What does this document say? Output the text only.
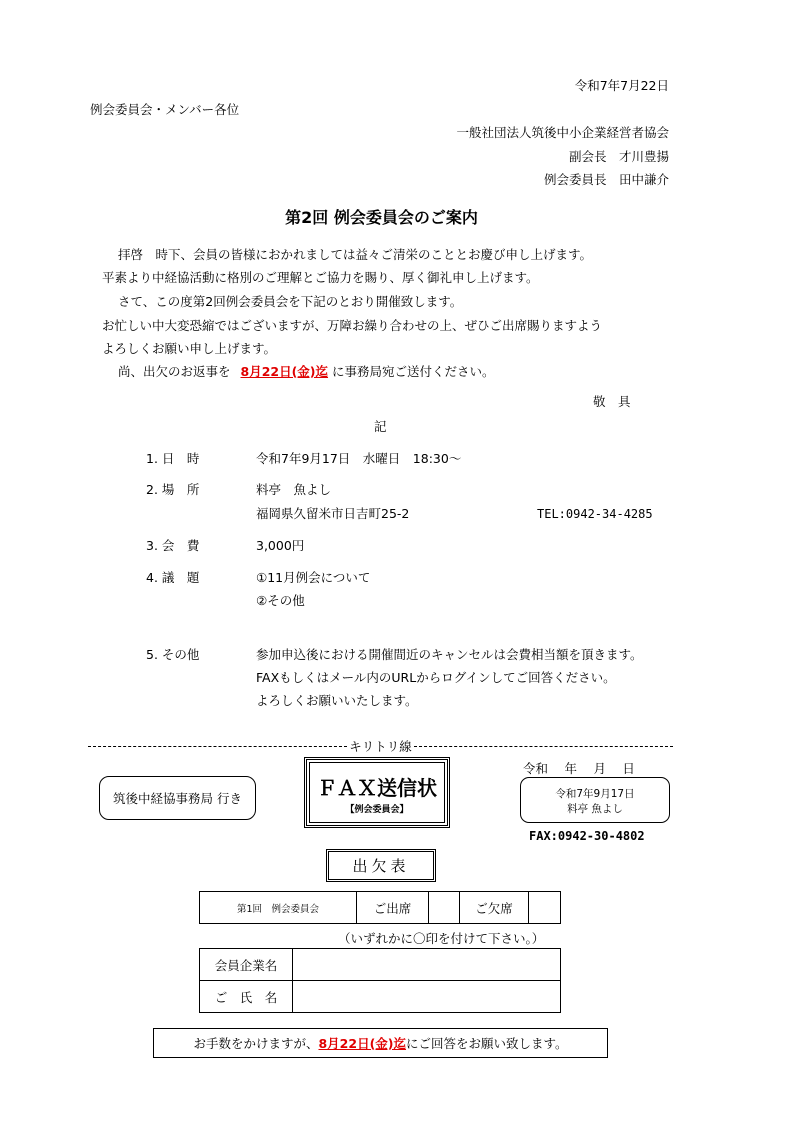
令和7年7月22日
例会委員会・メンバー各位
一般社団法人筑後中小企業経営者協会
副会長　才川豊揚
例会委員長　田中謙介
第2回 例会委員会のご案内
拝啓　時下、会員の皆様におかれましては益々ご清栄のこととお慶び申し上げます。
平素より中経協活動に格別のご理解とご協力を賜り、厚く御礼申し上げます。
さて、この度第2回例会委員会を下記のとおり開催致します。
お忙しい中大変恐縮ではございますが、万障お繰り合わせの上、ぜひご出席賜りますよう
よろしくお願い申し上げます。
尚、出欠のお返事を 8月22日(金)迄 に事務局宛ご送付ください。
敬　具
記
1. 日　時	令和7年9月17日　水曜日　18:30～
2. 場　所	料亭　魚よし
福岡県久留米市日吉町25-2	TEL:0942-34-4285
3. 会　費	3,000円
4. 議　題	①11月例会について
②その他
5. その他	参加申込後における開催間近のキャンセルは会費相当額を頂きます。
FAXもしくはメール内のURLからログインしてご回答ください。
よろしくお願いいたします。
キリトリ線
筑後中経協事務局 行き	ＦＡＸ送信状
【例会委員会】
令和　 年　 月　 日
令和7年9月17日
料亭 魚よし
FAX:0942-30-4802
出欠表
第1回　例会委員会	ご出席	ご欠席
（いずれかに〇印を付けて下さい。）
会員企業名
ご　氏　名
お手数をかけますが、 8月22日(金)迄 にご回答をお願い致します。
